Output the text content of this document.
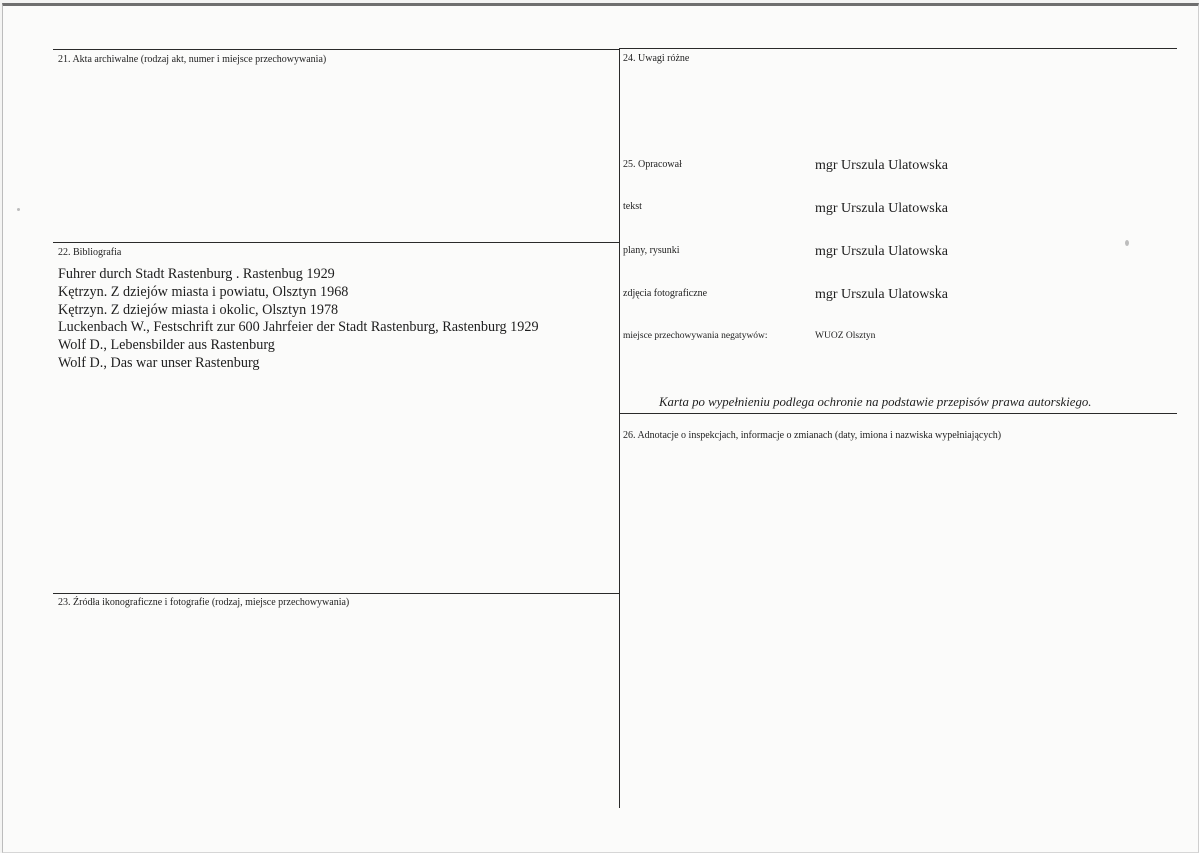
21. Akta archiwalne (rodzaj akt, numer i miejsce przechowywania)
22. Bibliografia
Fuhrer durch Stadt Rastenburg . Rastenbug 1929
Kętrzyn. Z dziejów miasta i powiatu, Olsztyn 1968
Kętrzyn. Z dziejów miasta i okolic, Olsztyn 1978
Luckenbach W., Festschrift zur 600 Jahrfeier der Stadt Rastenburg, Rastenburg 1929
Wolf D., Lebensbilder aus Rastenburg
Wolf D., Das war unser Rastenburg
23. Źródła ikonograficzne i fotografie (rodzaj, miejsce przechowywania)
24. Uwagi różne
25. Opracował	mgr Urszula Ulatowska
tekst	mgr Urszula Ulatowska
plany, rysunki	mgr Urszula Ulatowska
zdjęcia fotograficzne	mgr Urszula Ulatowska
miejsce przechowywania negatywów:	WUOZ Olsztyn
Karta po wypełnieniu podlega ochronie na podstawie przepisów prawa autorskiego.
26. Adnotacje o inspekcjach, informacje o zmianach (daty, imiona i nazwiska wypełniających)
